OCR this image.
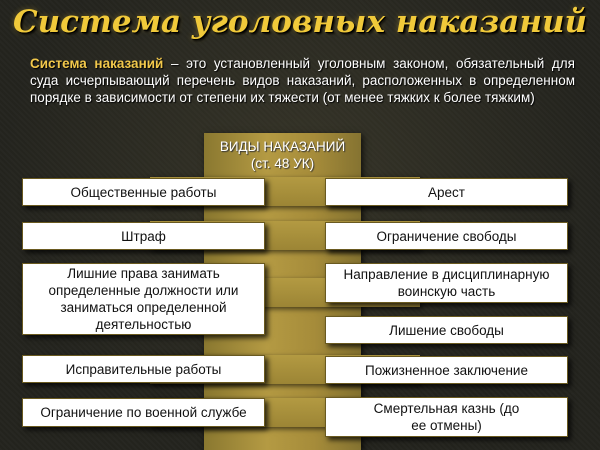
Система уголовных наказаний
Система наказаний – это установленный уголовным законом, обязательный для суда исчерпывающий перечень видов наказаний, расположенных в определенном порядке в зависимости от степени их тяжести (от менее тяжких к более тяжким)
ВИДЫ НАКАЗАНИЙ
(ст. 48 УК)
Общественные работы
Штраф
Лишние права занимать определенные должности или заниматься определенной деятельностью
Исправительные работы
Ограничение по военной службе
Арест
Ограничение свободы
Направление в дисциплинарную воинскую часть
Лишение свободы
Пожизненное заключение
Смертельная казнь (до ее отмены)
